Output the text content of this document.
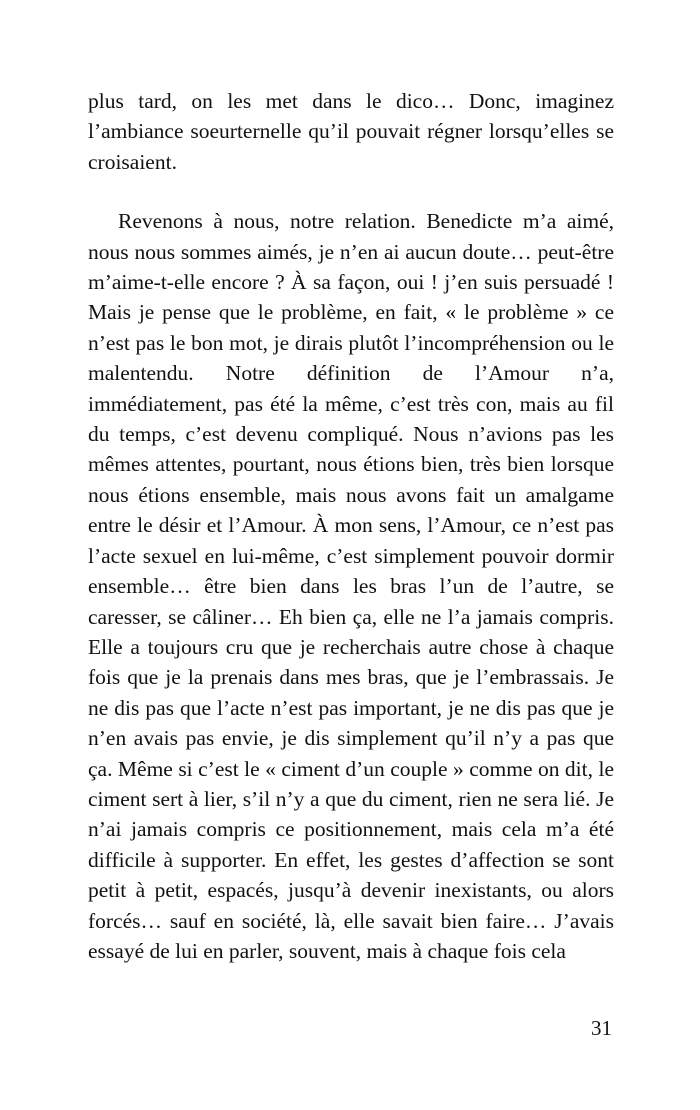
plus tard, on les met dans le dico… Donc, imaginez l’ambiance soeurternelle qu’il pouvait régner lorsqu’elles se croisaient.

Revenons à nous, notre relation. Benedicte m’a aimé, nous nous sommes aimés, je n’en ai aucun doute… peut-être m’aime-t-elle encore ? À sa façon, oui ! j’en suis persuadé ! Mais je pense que le problème, en fait, « le problème » ce n’est pas le bon mot, je dirais plutôt l’incompréhension ou le malentendu. Notre définition de l’Amour n’a, immédiatement, pas été la même, c’est très con, mais au fil du temps, c’est devenu compliqué. Nous n’avions pas les mêmes attentes, pourtant, nous étions bien, très bien lorsque nous étions ensemble, mais nous avons fait un amalgame entre le désir et l’Amour. À mon sens, l’Amour, ce n’est pas l’acte sexuel en lui-même, c’est simplement pouvoir dormir ensemble… être bien dans les bras l’un de l’autre, se caresser, se câliner… Eh bien ça, elle ne l’a jamais compris. Elle a toujours cru que je recherchais autre chose à chaque fois que je la prenais dans mes bras, que je l’embrassais. Je ne dis pas que l’acte n’est pas important, je ne dis pas que je n’en avais pas envie, je dis simplement qu’il n’y a pas que ça. Même si c’est le « ciment d’un couple » comme on dit, le ciment sert à lier, s’il n’y a que du ciment, rien ne sera lié. Je n’ai jamais compris ce positionnement, mais cela m’a été difficile à supporter. En effet, les gestes d’affection se sont petit à petit, espacés, jusqu’à devenir inexistants, ou alors forcés… sauf en société, là, elle savait bien faire… J’avais essayé de lui en parler, souvent, mais à chaque fois cela

31
